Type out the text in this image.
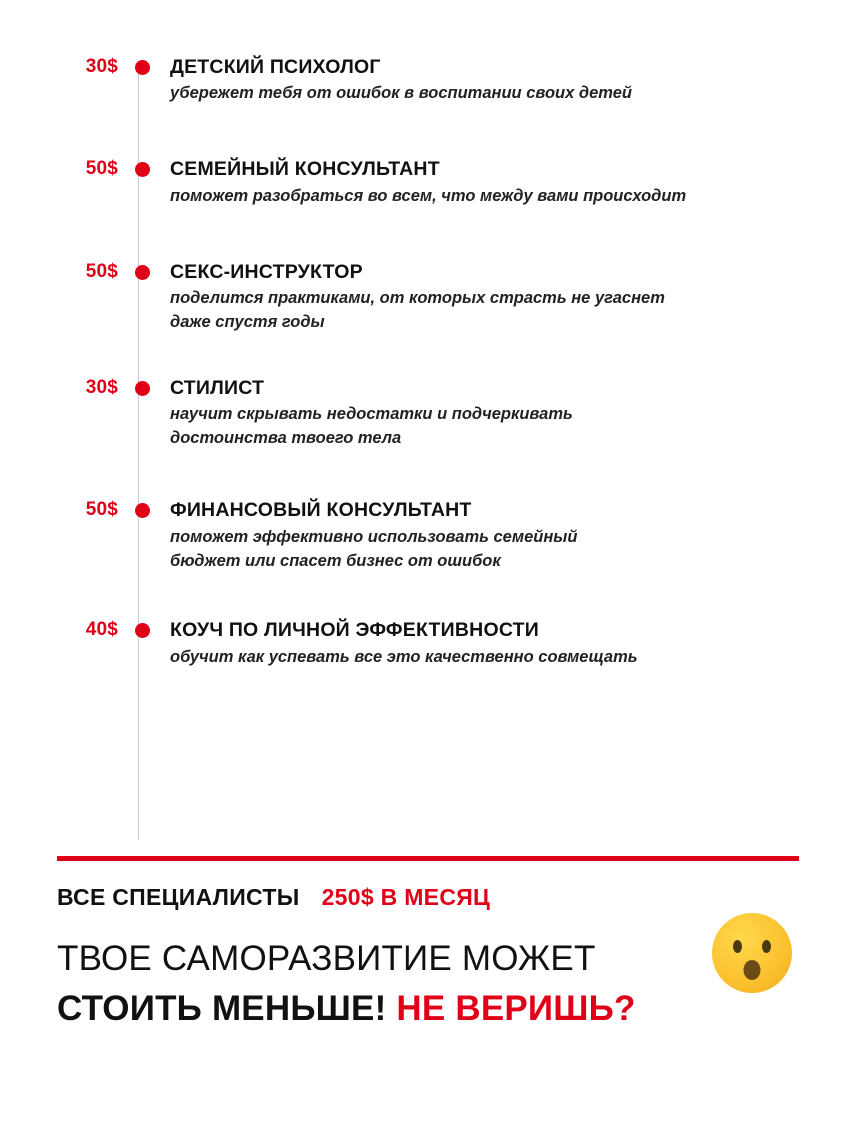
30$	ДЕТСКИЙ ПСИХОЛОГ

убережет тебя от ошибок в воспитании своих детей

50$	СЕМЕЙНЫЙ КОНСУЛЬТАНТ

поможет разобраться во всем, что между вами происходит

50$	СЕКС-ИНСТРУКТОР

поделится практиками, от которых страсть не угаснет даже спустя годы

30$	СТИЛИСТ

научит скрывать недостатки и подчеркивать достоинства твоего тела

50$	ФИНАНСОВЫЙ КОНСУЛЬТАНТ

поможет эффективно использовать семейный бюджет или спасет бизнес от ошибок

40$	КОУЧ ПО ЛИЧНОЙ ЭФФЕКТИВНОСТИ

обучит как успевать все это качественно совмещать

ВСЕ СПЕЦИАЛИСТЫ 250$ В МЕСЯЦ
ТВОЕ САМОРАЗВИТИЕ МОЖЕТ
СТОИТЬ МЕНЬШЕ! НЕ ВЕРИШЬ?
